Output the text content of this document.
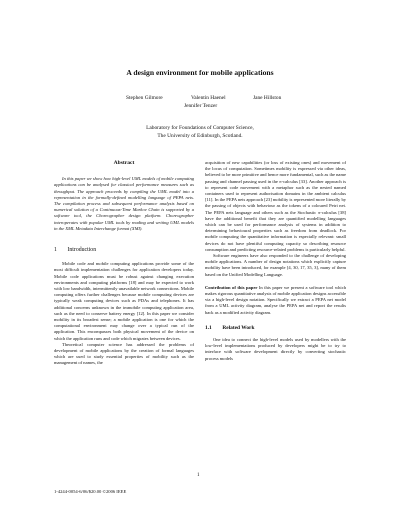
A design environment for mobile applications
Stephen Gilmore	Valentin Haenel	Jane Hillston
Jennifer Tenzer
Laboratory for Foundations of Computer Science,
The University of Edinburgh, Scotland.
Abstract

In this paper we show how high-level UML models of mobile computing applications can be analysed for classical performance measures such as throughput. The approach proceeds by compiling the UML model into a representation in the formally-defined modelling language of PEPA nets. The compilation process and subsequent performance analysis based on numerical solution of a Continuous-Time Markov Chain is supported by a software tool, the Choreographer design platform. Choreographer interoperates with popular UML tools by reading and writing UML models in the XML Metadata Interchange format (XMI).

1 Introduction

Mobile code and mobile computing applications provide some of the most difficult implementation challenges for application developers today. Mobile code applications must be robust against changing execution environments and computing platforms [18] and may be expected to work with low bandwidth, intermittently unavailable network connections. Mobile computing offers further challenges because mobile computing devices are typically weak computing devices such as PDAs and telephones. It has additional concerns unknown in the immobile computing application area, such as the need to conserve battery energy [12]. In this paper we consider mobility in its broadest sense; a mobile application is one for which the computational environment may change over a typical run of the application. This encompasses both physical movement of the device on which the application runs and code which migrates between devices.

Theoretical computer science has addressed the problems of development of mobile applications by the creation of formal languages which are used to study essential properties of mobility such as the management of names, the

acquisition of new capabilities (or loss of existing ones) and movement of the locus of computation. Sometimes mobility is expressed via other ideas, believed to be more primitive and hence more fundamental, such as the name passing and channel passing used in the π-calculus [33]. Another approach is to represent code movement with a metaphor such as the nested named containers used to represent authorisation domains in the ambient calculus [11]. In the PEPA nets approach [23] mobility is represented more literally by the passing of objects with behaviour as the tokens of a coloured Petri net. The PEPA nets language and others such as the Stochastic π-calculus [38] have the additional benefit that they are quantified modelling languages which can be used for performance analysis of systems in addition to determining behavioural properties such as freedom from deadlock. For mobile computing the quantitative information is especially relevant: small devices do not have plentiful computing capacity so describing resource consumption and predicting resource-related problems is particularly helpful.

Software engineers have also responded to the challenge of developing mobile applications. A number of design notations which explicitly capture mobility have been introduced, for example [4, 30, 17, 35, 3], many of them based on the Unified Modelling Language.

Contribution of this paper In this paper we present a software tool which makes rigorous quantitative analysis of mobile application designs accessible via a high-level design notation. Specifically we extract a PEPA net model from a UML activity diagram, analyse the PEPA net and report the results back as a modified activity diagram.

1.1 Related Work

One idea to connect the high-level models used by modellers with the low-level implementations produced by developers might be to try to interface with software development directly by converting stochastic process models

1
1-4244-0054-6/06/$20.00 ©2006 IEEE
